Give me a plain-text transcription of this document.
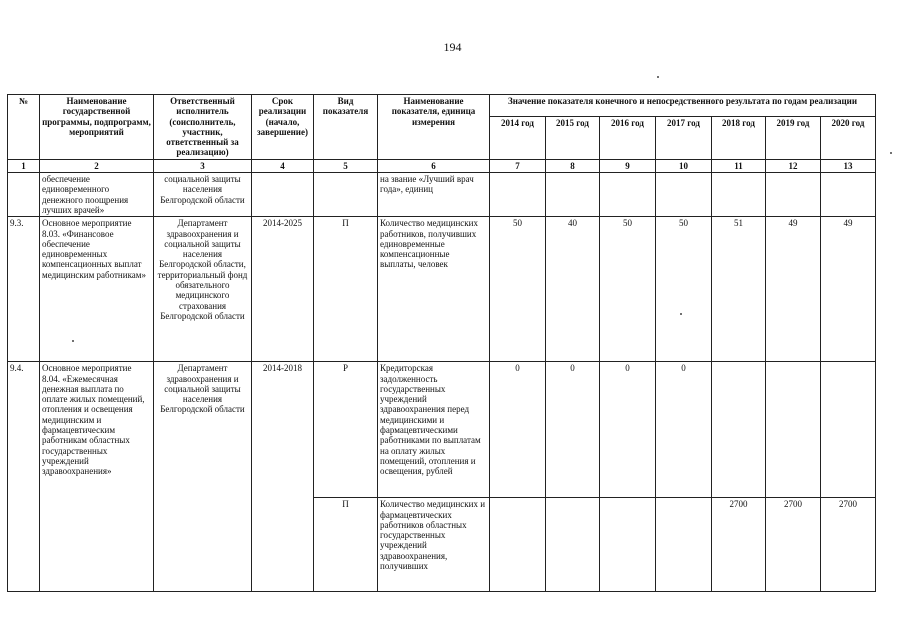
194
№	Наименование государственной программы, подпрограмм, мероприятий	Ответственный исполнитель (соисполнитель, участник, ответственный за реализацию)	Срок реализации (начало, завершение)	Вид показателя	Наименование показателя, единица измерения	Значение показателя конечного и непосредственного результата по годам реализации						
						2014 год	2015 год	2016 год	2017 год	2018 год	2019 год	2020 год
1	2	3	4	5	6	7	8	9	10	11	12	13
	обеспечение единовременного денежного поощрения лучших врачей»	социальной защиты населения Белгородской области			на звание «Лучший врач года», единиц							
9.3.	Основное мероприятие 8.03. «Финансовое обеспечение единовременных компенсационных выплат медицинским работникам»	Департамент здравоохранения и социальной защиты населения Белгородской области, территориальный фонд обязательного медицинского страхования Белгородской области	2014-2025	П	Количество медицинских работников, получивших единовременные компенсационные выплаты, человек	50	40	50	50	51	49	49
9.4.	Основное мероприятие 8.04. «Ежемесячная денежная выплата по оплате жилых помещений, отопления и освещения медицинским и фармацевтическим работникам областных государственных учреждений здравоохранения»	Департамент здравоохранения и социальной защиты населения Белгородской области	2014-2018	Р	Кредиторская задолженность государственных учреждений здравоохранения перед медицинскими и фармацевтическими работниками по выплатам на оплату жилых помещений, отопления и освещения, рублей	0	0	0	0			
				П	Количество медицинских и фармацевтических работников областных государственных учреждений здравоохранения, получивших					2700	2700	2700
